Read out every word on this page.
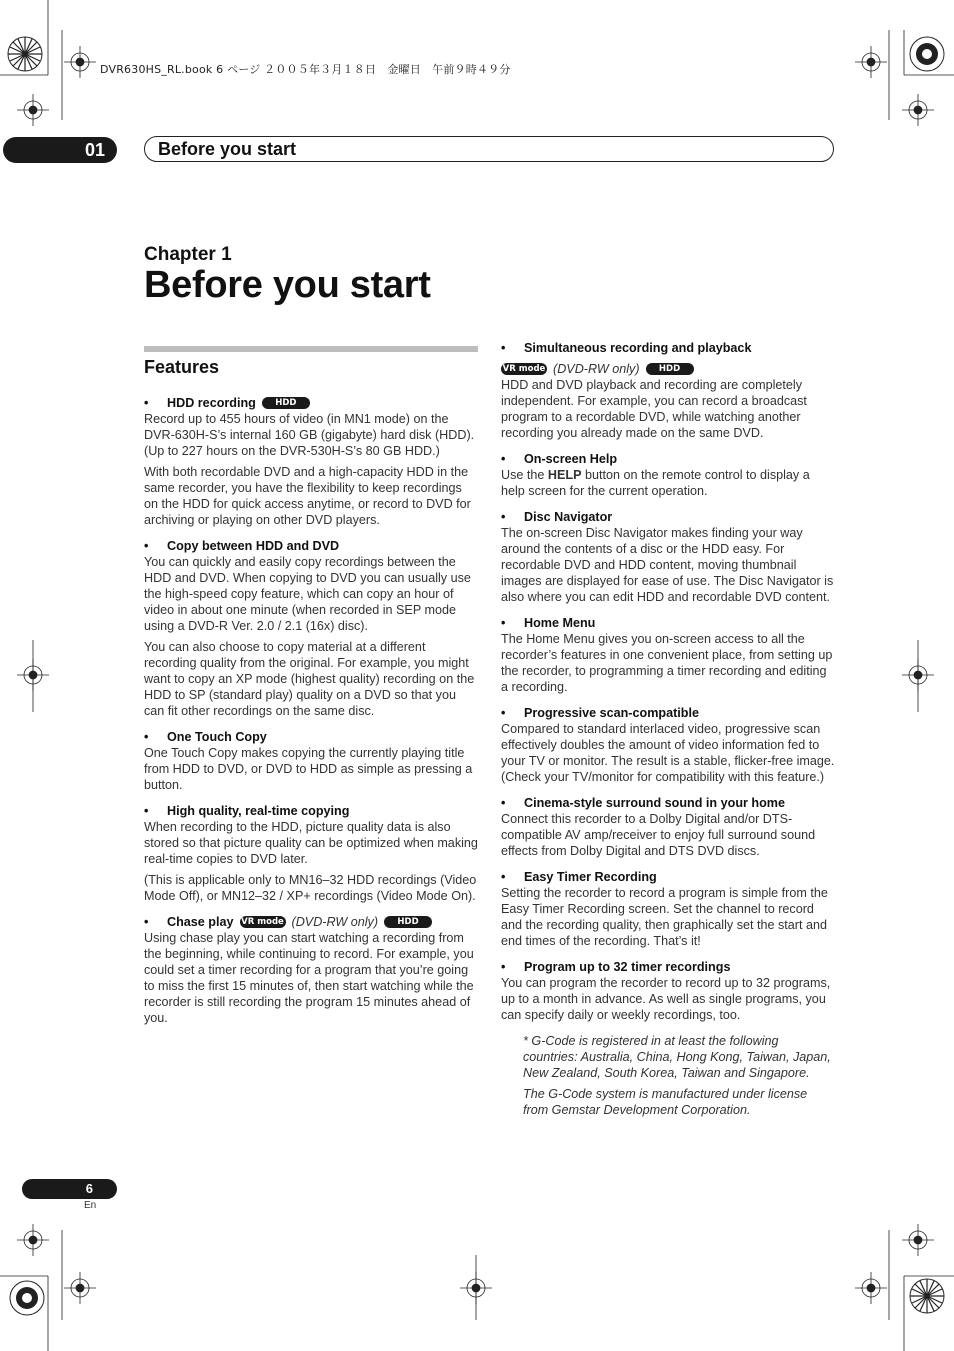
DVR630HS_RL.book 6 ページ ２００５年３月１８日　金曜日　午前９時４９分
01	Before you start
Chapter 1
Before you start
Features
•	HDD recording	HDD

Record up to 455 hours of video (in MN1 mode) on the DVR-630H-S’s internal 160 GB (gigabyte) hard disk (HDD). (Up to 227 hours on the DVR-530H-S’s 80 GB HDD.)

With both recordable DVD and a high-capacity HDD in the same recorder, you have the flexibility to keep recordings on the HDD for quick access anytime, or record to DVD for archiving or playing on other DVD players.

•	Copy between HDD and DVD

You can quickly and easily copy recordings between the HDD and DVD. When copying to DVD you can usually use the high-speed copy feature, which can copy an hour of video in about one minute (when recorded in SEP mode using a DVD-R Ver. 2.0 / 2.1 (16x) disc).

You can also choose to copy material at a different recording quality from the original. For example, you might want to copy an XP mode (highest quality) recording on the HDD to SP (standard play) quality on a DVD so that you can fit other recordings on the same disc.

•	One Touch Copy

One Touch Copy makes copying the currently playing title from HDD to DVD, or DVD to HDD as simple as pressing a button.

•	High quality, real-time copying

When recording to the HDD, picture quality data is also stored so that picture quality can be optimized when making real-time copies to DVD later.

(This is applicable only to MN16–32 HDD recordings (Video Mode Off), or MN12–32 / XP+ recordings (Video Mode On).

•	Chase play VR mode (DVD-RW only)	HDD

Using chase play you can start watching a recording from the beginning, while continuing to record. For example, you could set a timer recording for a program that you’re going to miss the first 15 minutes of, then start watching while the recorder is still recording the program 15 minutes ahead of you.

•	Simultaneous recording and playback
VR mode (DVD-RW only)	HDD

HDD and DVD playback and recording are completely independent. For example, you can record a broadcast program to a recordable DVD, while watching another recording you already made on the same DVD.

•	On-screen Help

Use the HELP button on the remote control to display a help screen for the current operation.

•	Disc Navigator

The on-screen Disc Navigator makes finding your way around the contents of a disc or the HDD easy. For recordable DVD and HDD content, moving thumbnail images are displayed for ease of use. The Disc Navigator is also where you can edit HDD and recordable DVD content.

•	Home Menu

The Home Menu gives you on-screen access to all the recorder’s features in one convenient place, from setting up the recorder, to programming a timer recording and editing a recording.

•	Progressive scan-compatible

Compared to standard interlaced video, progressive scan effectively doubles the amount of video information fed to your TV or monitor. The result is a stable, flicker-free image. (Check your TV/monitor for compatibility with this feature.)

•	Cinema-style surround sound in your home

Connect this recorder to a Dolby Digital and/or DTS-compatible AV amp/receiver to enjoy full surround sound effects from Dolby Digital and DTS DVD discs.

•	Easy Timer Recording

Setting the recorder to record a program is simple from the Easy Timer Recording screen. Set the channel to record and the recording quality, then graphically set the start and end times of the recording. That’s it!

•	Program up to 32 timer recordings

You can program the recorder to record up to 32 programs, up to a month in advance. As well as single programs, you can specify daily or weekly recordings, too.

* G-Code is registered in at least the following countries: Australia, China, Hong Kong, Taiwan, Japan, New Zealand, South Korea, Taiwan and Singapore.

The G-Code system is manufactured under license from Gemstar Development Corporation.

6
En
